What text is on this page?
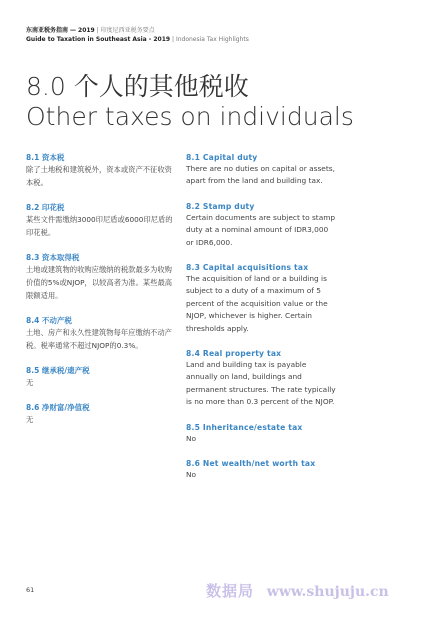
东南亚税务指南 — 2019 | 印度尼西亚税务要点
Guide to Taxation in Southeast Asia - 2019 | Indonesia Tax Highlights
8.0 个人的其他税收
Other taxes on individuals
8.1 资本税
除了土地税和建筑税外，资本或资产不征收资本税。
8.2 印花税
某些文件需缴纳3000印尼盾或6000印尼盾的印花税。
8.3 资本取得税
土地或建筑物的收购应缴纳的税款最多为收购价值的5%或NJOP，以较高者为准。某些最高限额适用。
8.4 不动产税
土地、房产和永久性建筑物每年应缴纳不动产税。税率通常不超过NJOP的0.3%。
8.5 继承税/遗产税
无
8.6 净财富/净值税
无
8.1 Capital duty
There are no duties on capital or assets, apart from the land and building tax.
8.2 Stamp duty
Certain documents are subject to stamp duty at a nominal amount of IDR3,000 or IDR6,000.
8.3 Capital acquisitions tax
The acquisition of land or a building is subject to a duty of a maximum of 5 percent of the acquisition value or the NJOP, whichever is higher. Certain thresholds apply.
8.4 Real property tax
Land and building tax is payable annually on land, buildings and permanent structures. The rate typically is no more than 0.3 percent of the NJOP.
8.5 Inheritance/estate tax
No
8.6 Net wealth/net worth tax
No
61	数据局 www.shujuju.cn
